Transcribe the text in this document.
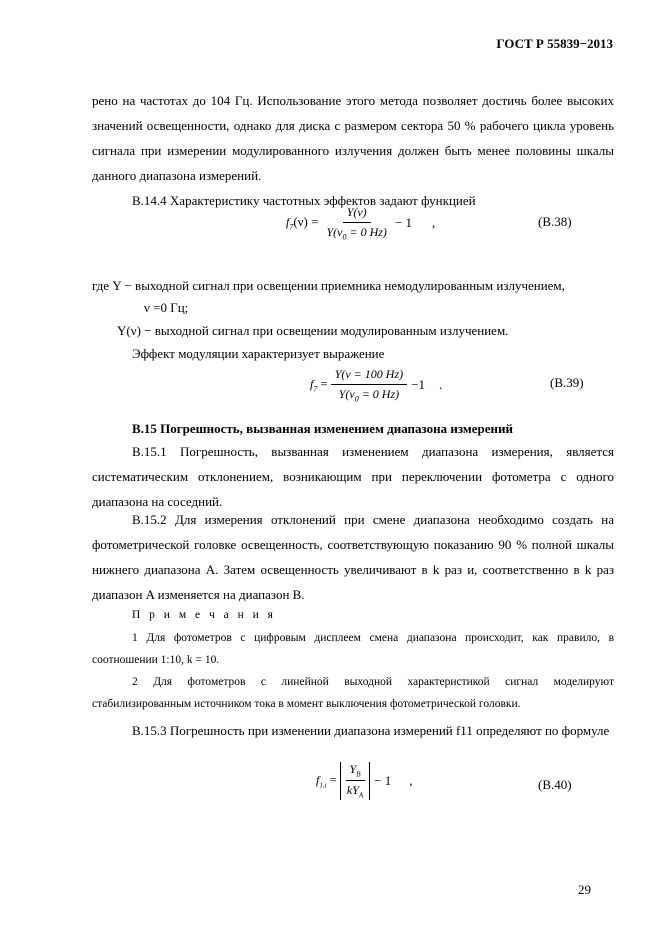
ГОСТ Р 55839−2013
рено на частотах до 104 Гц. Использование этого метода позволяет достичь более высоких значений освещенности, однако для диска с размером сектора 50 % рабочего цикла уровень сигнала при измерении модулированного излучения должен быть менее половины шкалы данного диапазона измерений.
В.14.4 Характеристику частотных эффектов задают функцией
$f_7(\nu) = \frac{Y(\nu)}{Y(\nu_0 = 0 Hz)} - 1$ ,	(В.38)
где Y − выходной сигнал при освещении приемника немодулированным излучением,
ν =0 Гц;
Y(ν) − выходной сигнал при освещении модулированным излучением.
Эффект модуляции характеризует выражение
$f_7 = \frac{Y(\nu = 100 Hz)}{Y(\nu_0 = 0 Hz)} -1$ .	(В.39)
В.15 Погрешность, вызванная изменением диапазона измерений
В.15.1 Погрешность, вызванная изменением диапазона измерения, является систематическим отклонением, возникающим при переключении фотометра с одного диапазона на соседний.
В.15.2 Для измерения отклонений при смене диапазона необходимо создать на фотометрической головке освещенность, соответствующую показанию 90 % полной шкалы нижнего диапазона A. Затем освещенность увеличивают в k раз и, соответственно в k раз диапазон A изменяется на диапазон B.
П р и м е ч а н и я
1 Для фотометров с цифровым дисплеем смена диапазона происходит, как правило, в соотношении 1:10, k = 10.
2 Для фотометров с линейной выходной характеристикой сигнал моделируют стабилизированным источником тока в момент выключения фотометрической головки.
В.15.3 Погрешность при изменении диапазона измерений f11 определяют по формуле
$f_{1,i} = \frac{Y_B}{kY_A} - 1$ ,	(В.40)
29
